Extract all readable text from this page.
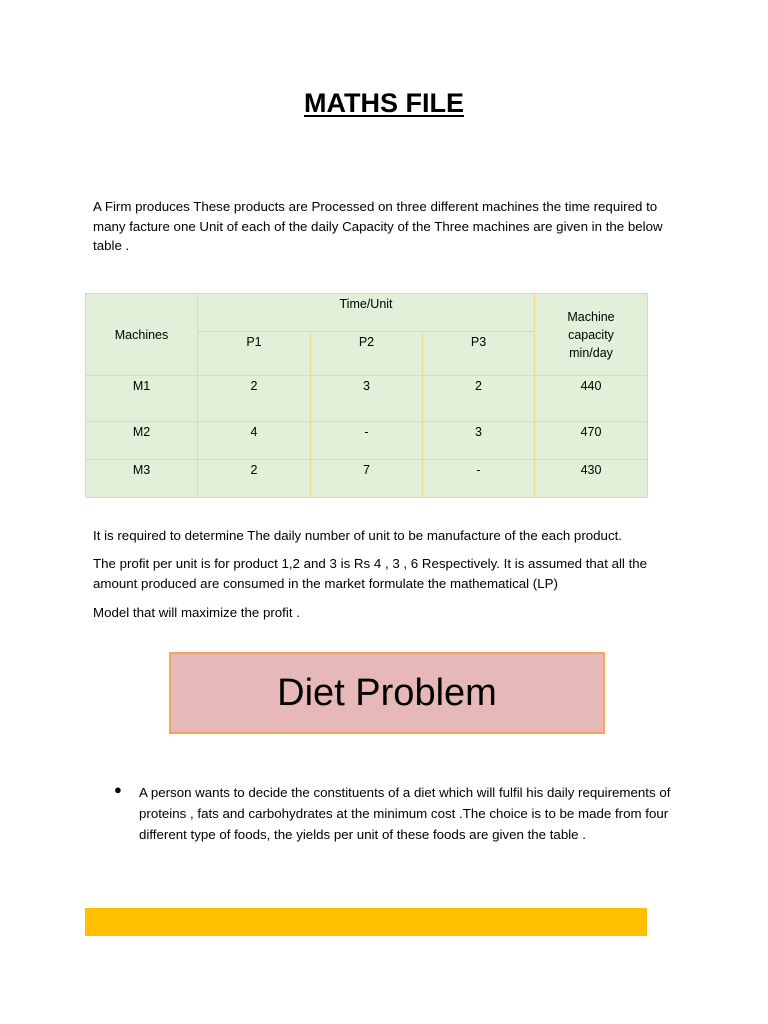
MATHS FILE

A Firm produces These products are Processed on three different machines the time required to many facture one Unit of each of the daily Capacity of the Three machines are given in the below table .

Machines	Time/Unit			Machine capacity min/day
	P1	P2	P3	
M1	2	3	2	440
M2	4	-	3	470
M3	2	7	-	430

It is required to determine The daily number of unit to be manufacture of the each product.

The profit per unit is for product 1,2 and 3 is Rs 4 , 3 , 6 Respectively. It is assumed that all the amount produced are consumed in the market formulate the mathematical (LP)

Model that will maximize the profit .

Diet Problem
● A person wants to decide the constituents of a diet which will fulfil his daily requirements of proteins , fats and carbohydrates at the minimum cost .The choice is to be made from four different type of foods, the yields per unit of these foods are given the table .
